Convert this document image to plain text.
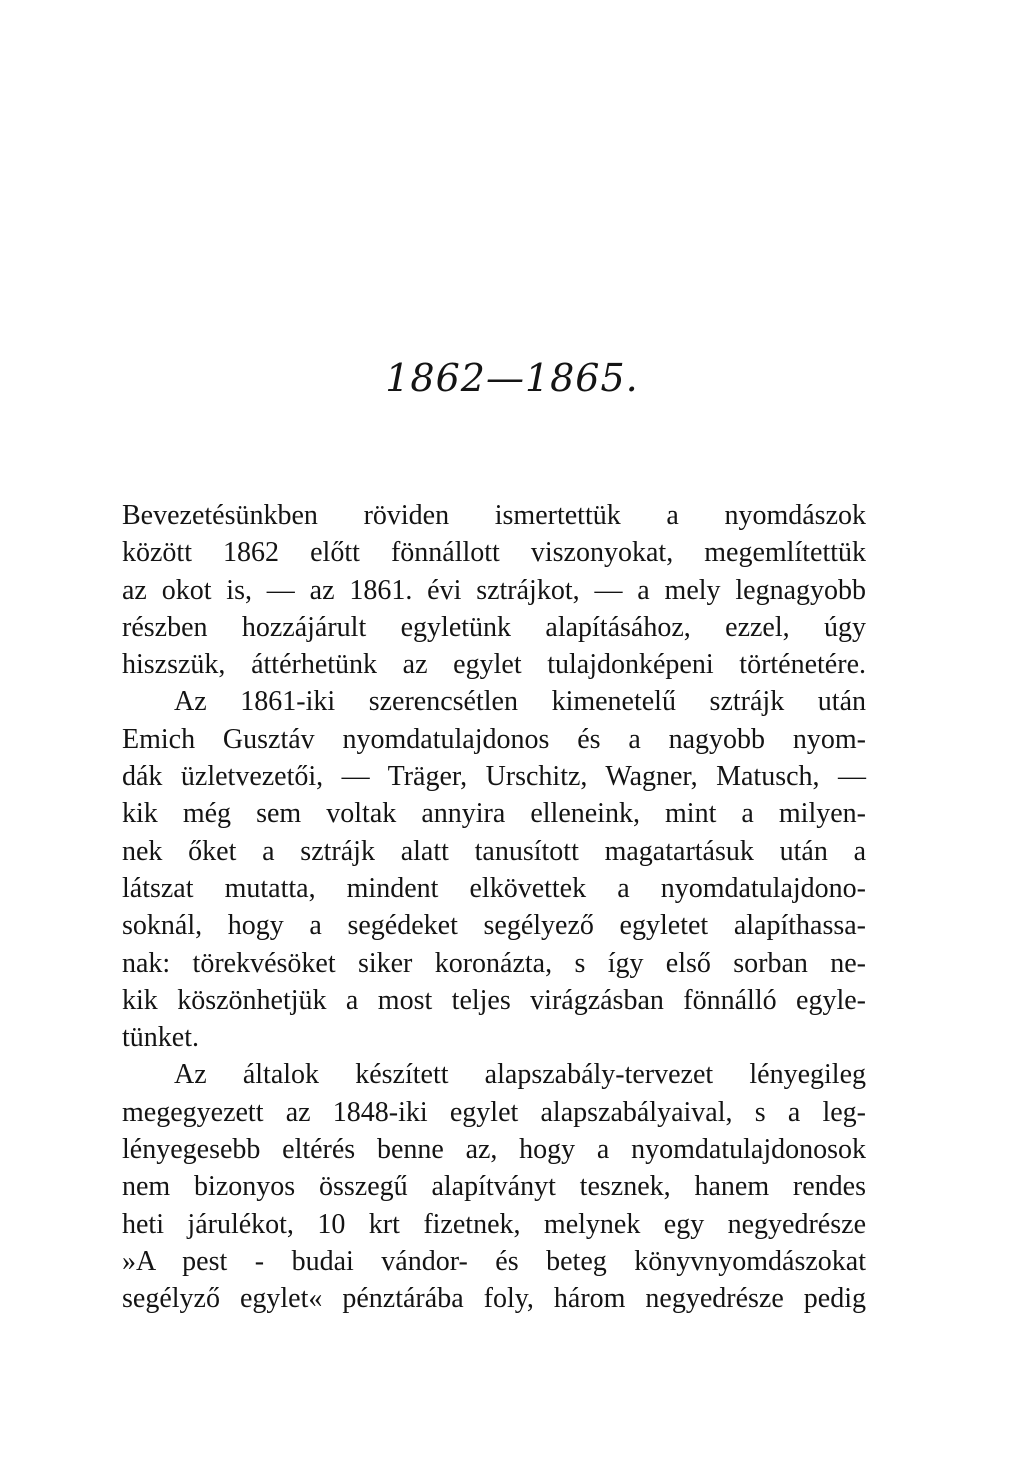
1862—1865.
Bevezetésünkben röviden ismertettük a nyomdászok
között 1862 előtt fönnállott viszonyokat, megemlítettük
az okot is, — az 1861. évi sztrájkot, — a mely legnagyobb
részben hozzájárult egyletünk alapításához, ezzel, úgy
hiszszük, áttérhetünk az egylet tulajdonképeni történetére.
Az 1861-iki szerencsétlen kimenetelű sztrájk után
Emich Gusztáv nyomdatulajdonos és a nagyobb nyom-
dák üzletvezetői, — Träger, Urschitz, Wagner, Matusch, —
kik még sem voltak annyira elleneink, mint a milyen-
nek őket a sztrájk alatt tanusított magatartásuk után a
látszat mutatta, mindent elkövettek a nyomdatulajdono-
soknál, hogy a segédeket segélyező egyletet alapíthassa-
nak: törekvésöket siker koronázta, s így első sorban ne-
kik köszönhetjük a most teljes virágzásban fönnálló egyle-
tünket.
Az általok készített alapszabály-tervezet lényegileg
megegyezett az 1848-iki egylet alapszabályaival, s a leg-
lényegesebb eltérés benne az, hogy a nyomdatulajdonosok
nem bizonyos összegű alapítványt tesznek, hanem rendes
heti járulékot, 10 krt fizetnek, melynek egy negyedrésze
»A pest - budai vándor- és beteg könyvnyomdászokat
segélyző egylet« pénztárába foly, három negyedrésze pedig
